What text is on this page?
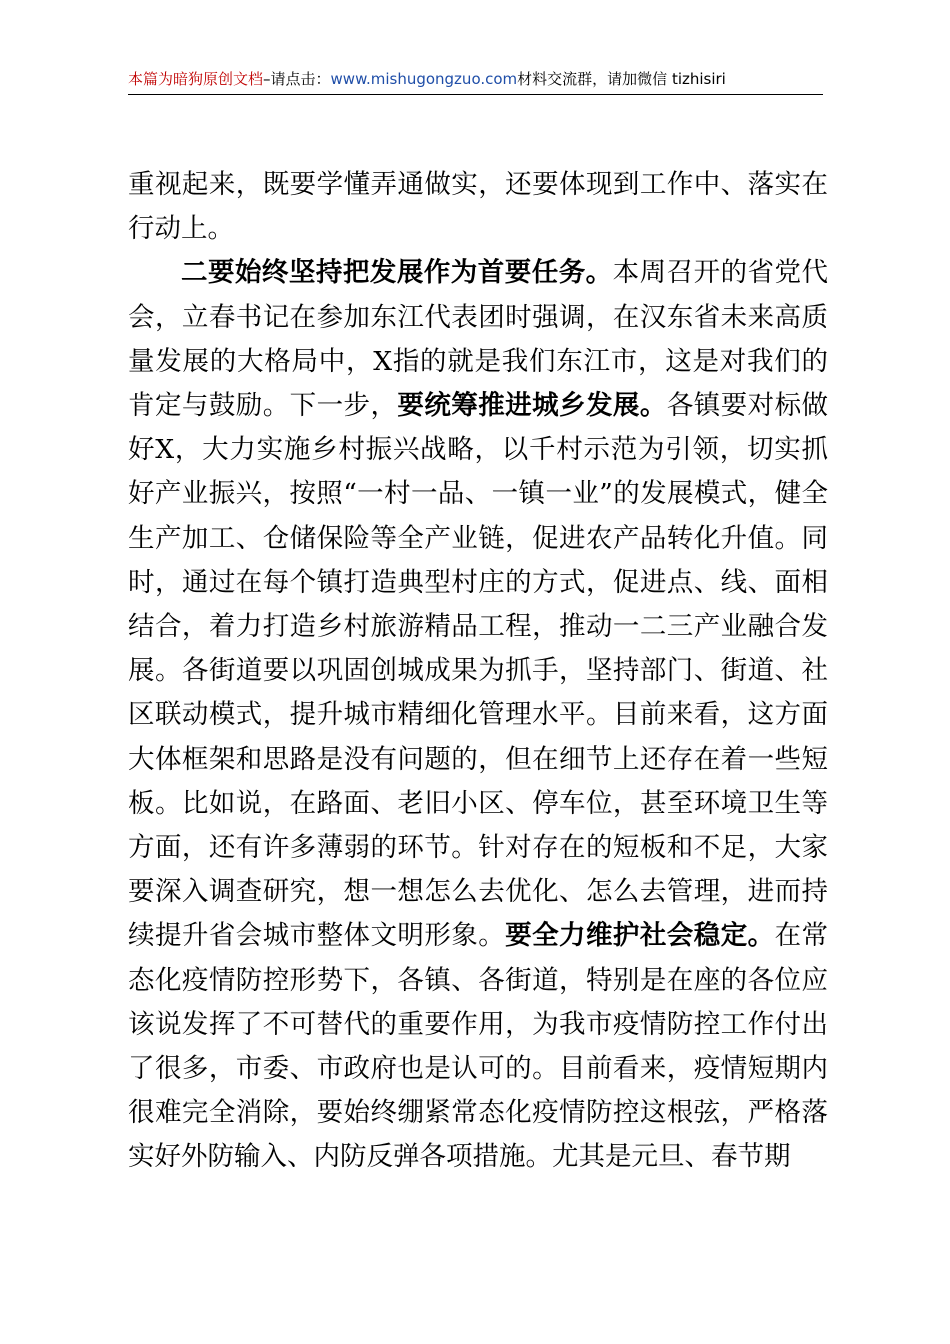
本篇为暗狗原创文档–请点击：www.mishugongzuo.com材料交流群，请加微信 tizhisiri

重视起来，既要学懂弄通做实，还要体现到工作中、落实在行动上。

二要始终坚持把发展作为首要任务。本周召开的省党代会，立春书记在参加东江代表团时强调，在汉东省未来高质量发展的大格局中，X指的就是我们东江市，这是对我们的肯定与鼓励。下一步，要统筹推进城乡发展。各镇要对标做好X，大力实施乡村振兴战略，以千村示范为引领，切实抓好产业振兴，按照“一村一品、一镇一业”的发展模式，健全生产加工、仓储保险等全产业链，促进农产品转化升值。同时，通过在每个镇打造典型村庄的方式，促进点、线、面相结合，着力打造乡村旅游精品工程，推动一二三产业融合发展。各街道要以巩固创城成果为抓手，坚持部门、街道、社区联动模式，提升城市精细化管理水平。目前来看，这方面大体框架和思路是没有问题的，但在细节上还存在着一些短板。比如说，在路面、老旧小区、停车位，甚至环境卫生等方面，还有许多薄弱的环节。针对存在的短板和不足，大家要深入调查研究，想一想怎么去优化、怎么去管理，进而持续提升省会城市整体文明形象。要全力维护社会稳定。在常态化疫情防控形势下，各镇、各街道，特别是在座的各位应该说发挥了不可替代的重要作用，为我市疫情防控工作付出了很多，市委、市政府也是认可的。目前看来，疫情短期内很难完全消除，要始终绷紧常态化疫情防控这根弦，严格落实好外防输入、内防反弹各项措施。尤其是元旦、春节期
